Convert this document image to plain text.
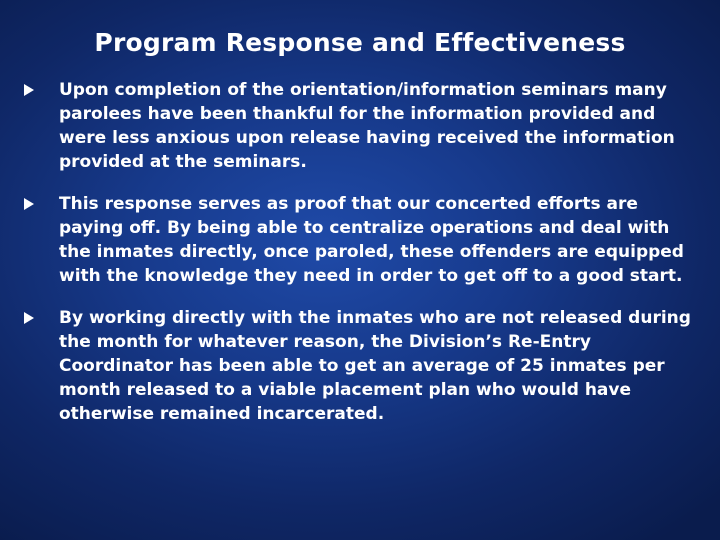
Program Response and Effectiveness
Upon completion of the orientation/information seminars many parolees have been thankful for the information provided and were less anxious upon release having received the information provided at the seminars.
This response serves as proof that our concerted efforts are paying off. By being able to centralize operations and deal with the inmates directly, once paroled, these offenders are equipped with the knowledge they need in order to get off to a good start.
By working directly with the inmates who are not released during the month for whatever reason, the Division’s Re-Entry Coordinator has been able to get an average of 25 inmates per month released to a viable placement plan who would have otherwise remained incarcerated.
